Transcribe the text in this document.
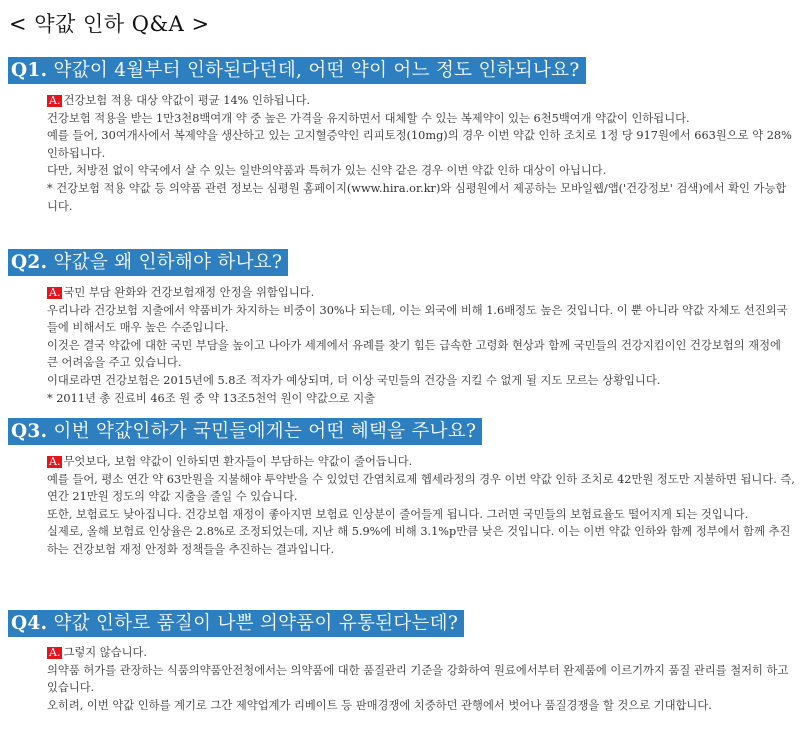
< 약값 인하 Q&A >
Q1. 약값이 4월부터 인하된다던데, 어떤 약이 어느 정도 인하되나요?

A. 건강보험 적용 대상 약값이 평균 14% 인하됩니다.

건강보험 적용을 받는 1만3천8백여개 약 중 높은 가격을 유지하면서 대체할 수 있는 복제약이 있는 6천5백여개 약값이 인하됩니다.

예를 들어, 30여개사에서 복제약을 생산하고 있는 고지혈증약인 리피토정(10mg)의 경우 이번 약값 인하 조치로 1정 당 917원에서 663원으로 약 28% 인하됩니다.

다만, 처방전 없이 약국에서 살 수 있는 일반의약품과 특허가 있는 신약 같은 경우 이번 약값 인하 대상이 아닙니다.

* 건강보험 적용 약값 등 의약품 관련 정보는 심평원 홈페이지(www.hira.or.kr)와 심평원에서 제공하는 모바일웹/앱('건강정보' 검색)에서 확인 가능합니다.

Q2. 약값을 왜 인하해야 하나요?

A. 국민 부담 완화와 건강보험재정 안정을 위함입니다.

우리나라 건강보험 지출에서 약품비가 차지하는 비중이 30%나 되는데, 이는 외국에 비해 1.6배정도 높은 것입니다. 이 뿐 아니라 약값 자체도 선진외국들에 비해서도 매우 높은 수준입니다.

이것은 결국 약값에 대한 국민 부담을 높이고 나아가 세계에서 유례를 찾기 힘든 급속한 고령화 현상과 함께 국민들의 건강지킴이인 건강보험의 재정에 큰 어려움을 주고 있습니다.

이대로라면 건강보험은 2015년에 5.8조 적자가 예상되며, 더 이상 국민들의 건강을 지킬 수 없게 될 지도 모르는 상황입니다.

* 2011년 총 진료비 46조 원 중 약 13조5천억 원이 약값으로 지출

Q3. 이번 약값인하가 국민들에게는 어떤 혜택을 주나요?

A. 무엇보다, 보험 약값이 인하되면 환자들이 부담하는 약값이 줄어듭니다.

예를 들어, 평소 연간 약 63만원을 지불해야 투약받을 수 있었던 간염치료제 헵세라정의 경우 이번 약값 인하 조치로 42만원 정도만 지불하면 됩니다. 즉, 연간 21만원 정도의 약값 지출을 줄일 수 있습니다.

또한, 보험료도 낮아집니다. 건강보험 재정이 좋아지면 보험료 인상분이 줄어들게 됩니다. 그러면 국민들의 보험료율도 떨어지게 되는 것입니다.

실제로, 올해 보험료 인상율은 2.8%로 조정되었는데, 지난 해 5.9%에 비해 3.1%p만큼 낮은 것입니다. 이는 이번 약값 인하와 함께 정부에서 함께 추진하는 건강보험 재정 안정화 정책들을 추진하는 결과입니다.

Q4. 약값 인하로 품질이 나쁜 의약품이 유통된다는데?

A. 그렇지 않습니다.

의약품 허가를 관장하는 식품의약품안전청에서는 의약품에 대한 품질관리 기준을 강화하여 원료에서부터 완제품에 이르기까지 품질 관리를 철저히 하고 있습니다.

오히려, 이번 약값 인하를 계기로 그간 제약업계가 리베이트 등 판매경쟁에 치중하던 관행에서 벗어나 품질경쟁을 할 것으로 기대합니다.
